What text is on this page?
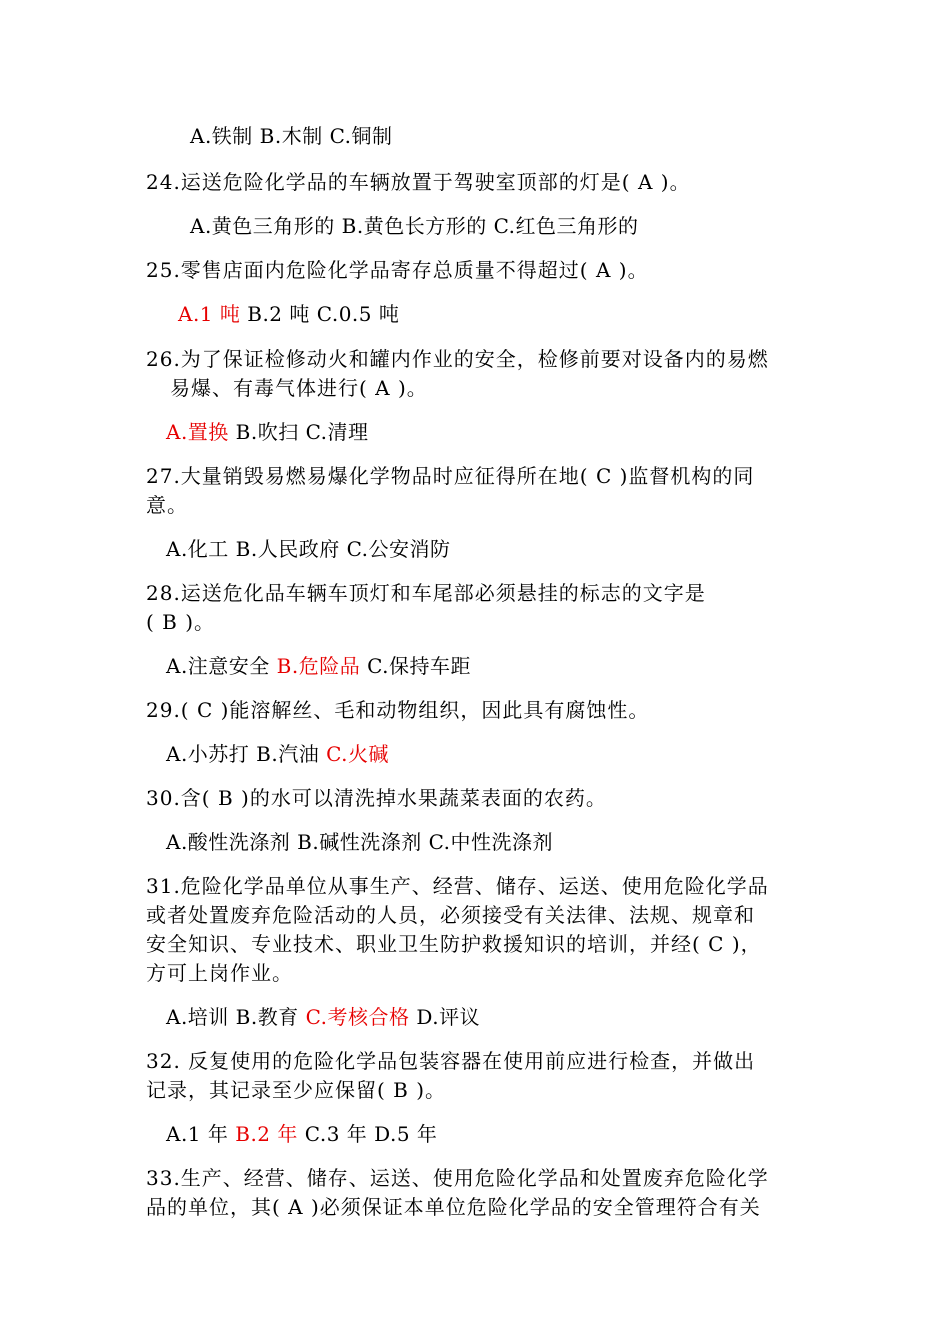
A.铁制 B.木制 C.铜制
24.运送危险化学品的车辆放置于驾驶室顶部的灯是( A )。
A.黄色三角形的 B.黄色长方形的 C.红色三角形的
25.零售店面内危险化学品寄存总质量不得超过( A )。
A.1 吨 B.2 吨 C.0.5 吨
26.为了保证检修动火和罐内作业的安全，检修前要对设备内的易燃
易爆、有毒气体进行( A )。
A.置换 B.吹扫 C.清理
27.大量销毁易燃易爆化学物品时应征得所在地( C )监督机构的同
意。
A.化工 B.人民政府 C.公安消防
28.运送危化品车辆车顶灯和车尾部必须悬挂的标志的文字是
( B )。
A.注意安全 B.危险品 C.保持车距
29.( C )能溶解丝、毛和动物组织，因此具有腐蚀性。
A.小苏打 B.汽油 C.火碱
30.含( B )的水可以清洗掉水果蔬菜表面的农药。
A.酸性洗涤剂 B.碱性洗涤剂 C.中性洗涤剂
31.危险化学品单位从事生产、经营、储存、运送、使用危险化学品
或者处置废弃危险活动的人员，必须接受有关法律、法规、规章和
安全知识、专业技术、职业卫生防护救援知识的培训，并经( C )，
方可上岗作业。
A.培训 B.教育 C.考核合格 D.评议
32. 反复使用的危险化学品包装容器在使用前应进行检查，并做出
记录，其记录至少应保留( B )。
A.1 年 B.2 年 C.3 年 D.5 年
33.生产、经营、储存、运送、使用危险化学品和处置废弃危险化学
品的单位，其( A )必须保证本单位危险化学品的安全管理符合有关
